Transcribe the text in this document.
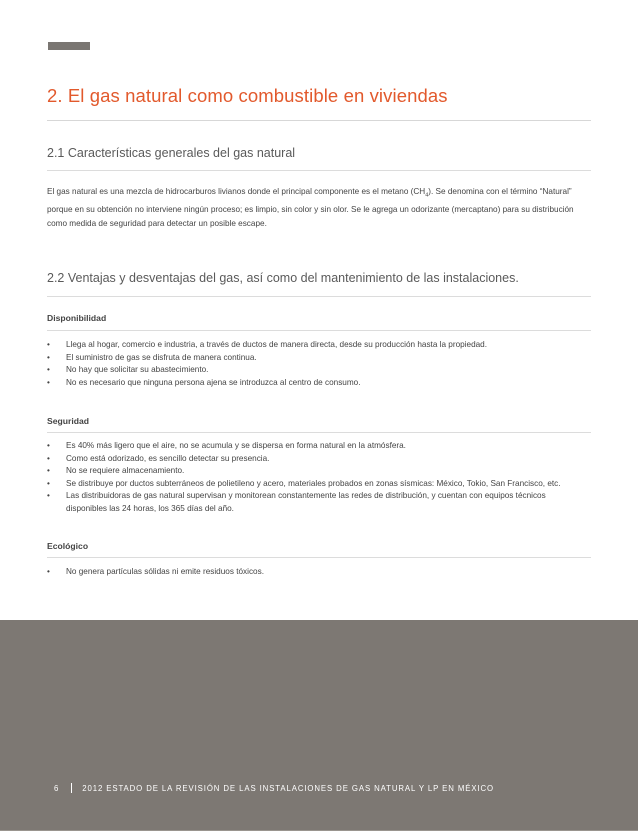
2. El gas natural como combustible en viviendas
2.1 Características generales del gas natural

El gas natural es una mezcla de hidrocarburos livianos donde el principal componente es el metano $(CH_4)$. Se denomina con el término “Natural” porque en su obtención no interviene ningún proceso; es limpio, sin color y sin olor. Se le agrega un odorizante (mercaptano) para su distribución como medida de seguridad para detectar un posible escape.

2.2 Ventajas y desventajas del gas, así como del mantenimiento de las instalaciones.
Disponibilidad
• Llega al hogar, comercio e industria, a través de ductos de manera directa, desde su producción hasta la propiedad.
• El suministro de gas se disfruta de manera continua.
• No hay que solicitar su abastecimiento.
• No es necesario que ninguna persona ajena se introduzca al centro de consumo.
Seguridad
• Es 40% más ligero que el aire, no se acumula y se dispersa en forma natural en la atmósfera.
• Como está odorizado, es sencillo detectar su presencia.
• No se requiere almacenamiento.
• Se distribuye por ductos subterráneos de polietileno y acero, materiales probados en zonas sísmicas: México, Tokio, San Francisco, etc.
• Las distribuidoras de gas natural supervisan y monitorean constantemente las redes de distribución, y cuentan con equipos técnicos disponibles las 24 horas, los 365 días del año.
Ecológico
• No genera partículas sólidas ni emite residuos tóxicos.
6	2012 ESTADO DE LA REVISIÓN DE LAS INSTALACIONES DE GAS NATURAL Y LP EN MÉXICO
